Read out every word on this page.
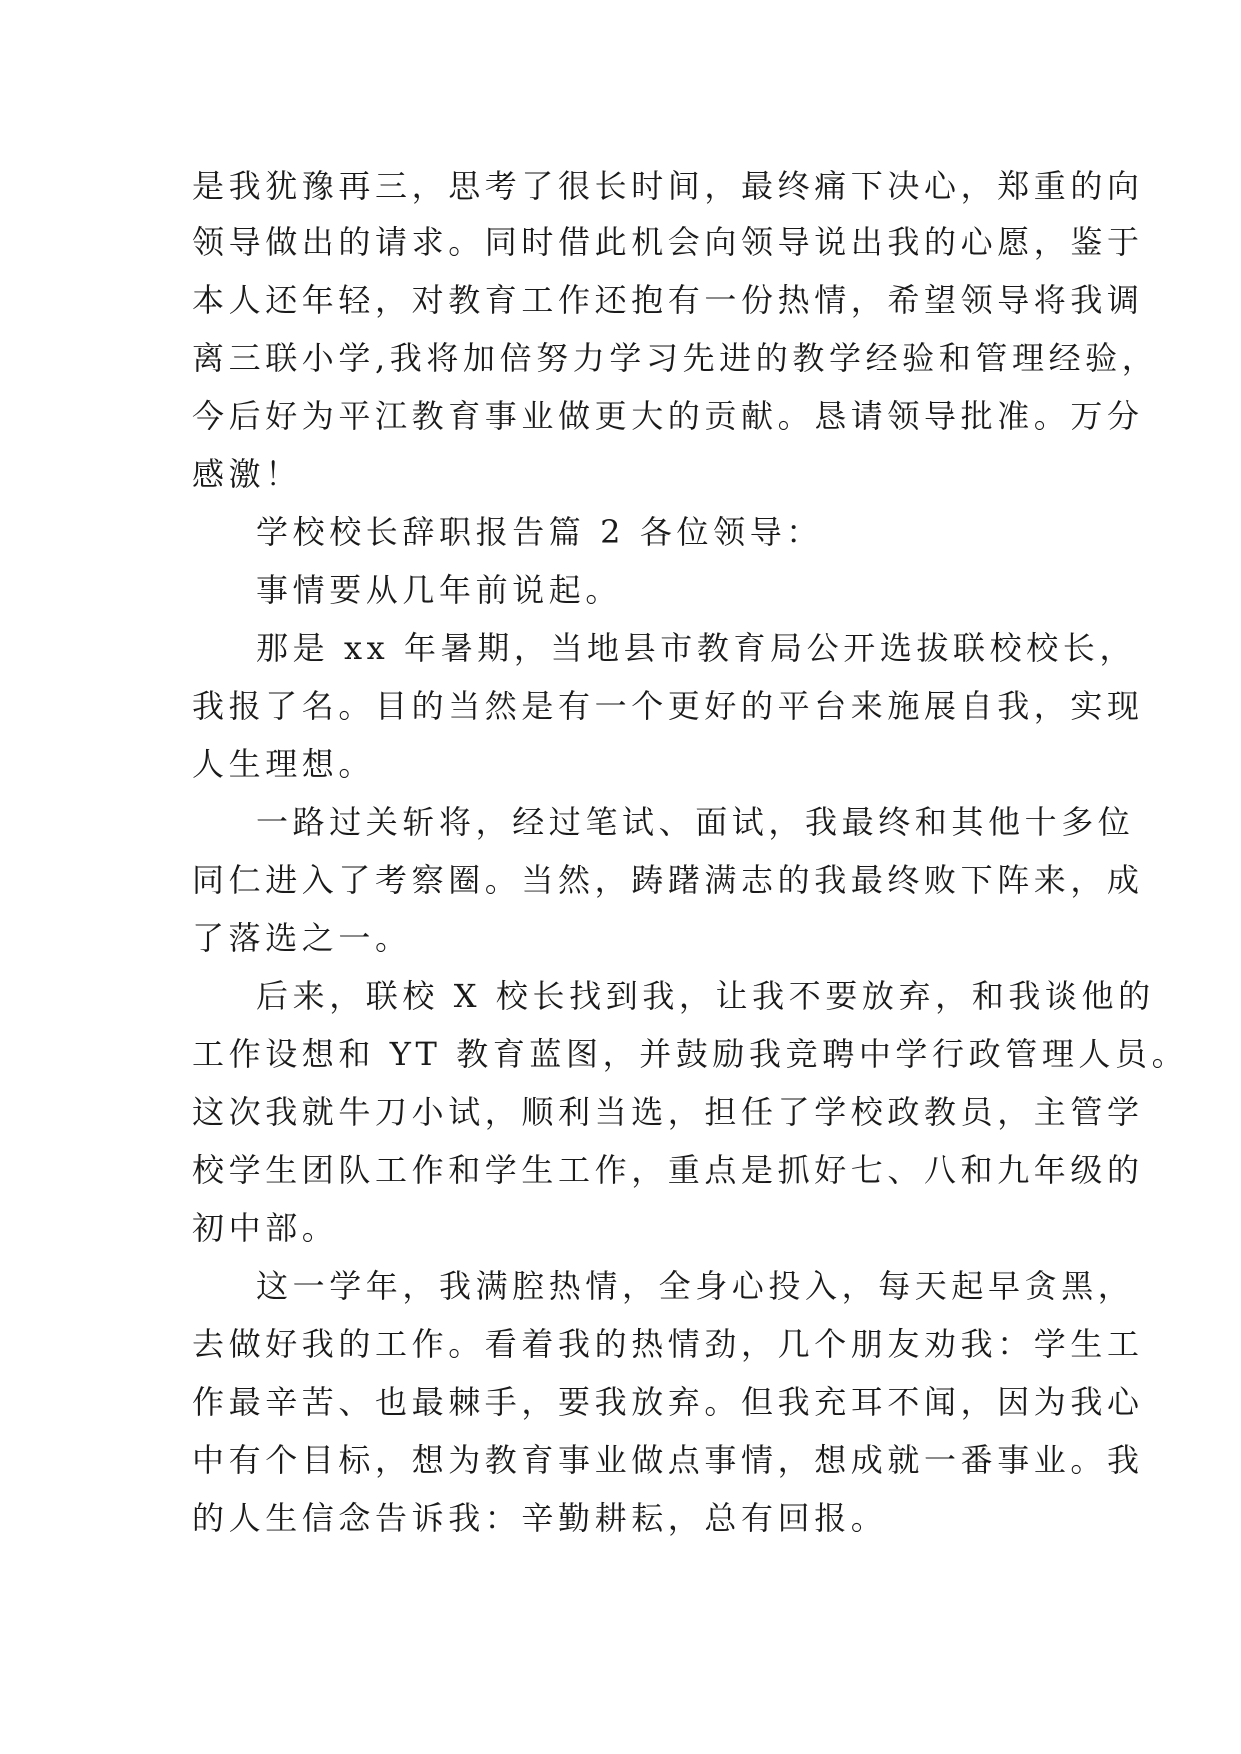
是我犹豫再三，思考了很长时间，最终痛下决心，郑重的向
领导做出的请求。同时借此机会向领导说出我的心愿，鉴于
本人还年轻，对教育工作还抱有一份热情，希望领导将我调
离三联小学,我将加倍努力学习先进的教学经验和管理经验，
今后好为平江教育事业做更大的贡献。恳请领导批准。万分
感激！
学校校长辞职报告篇 2 各位领导：
事情要从几年前说起。
那是 xx 年暑期，当地县市教育局公开选拔联校校长，
我报了名。目的当然是有一个更好的平台来施展自我，实现
人生理想。
一路过关斩将，经过笔试、面试，我最终和其他十多位
同仁进入了考察圈。当然，踌躇满志的我最终败下阵来，成
了落选之一。
后来，联校 X 校长找到我，让我不要放弃，和我谈他的
工作设想和 YT 教育蓝图，并鼓励我竞聘中学行政管理人员。
这次我就牛刀小试，顺利当选，担任了学校政教员，主管学
校学生团队工作和学生工作，重点是抓好七、八和九年级的
初中部。
这一学年，我满腔热情，全身心投入，每天起早贪黑，
去做好我的工作。看着我的热情劲，几个朋友劝我：学生工
作最辛苦、也最棘手，要我放弃。但我充耳不闻，因为我心
中有个目标，想为教育事业做点事情，想成就一番事业。我
的人生信念告诉我：辛勤耕耘，总有回报。
